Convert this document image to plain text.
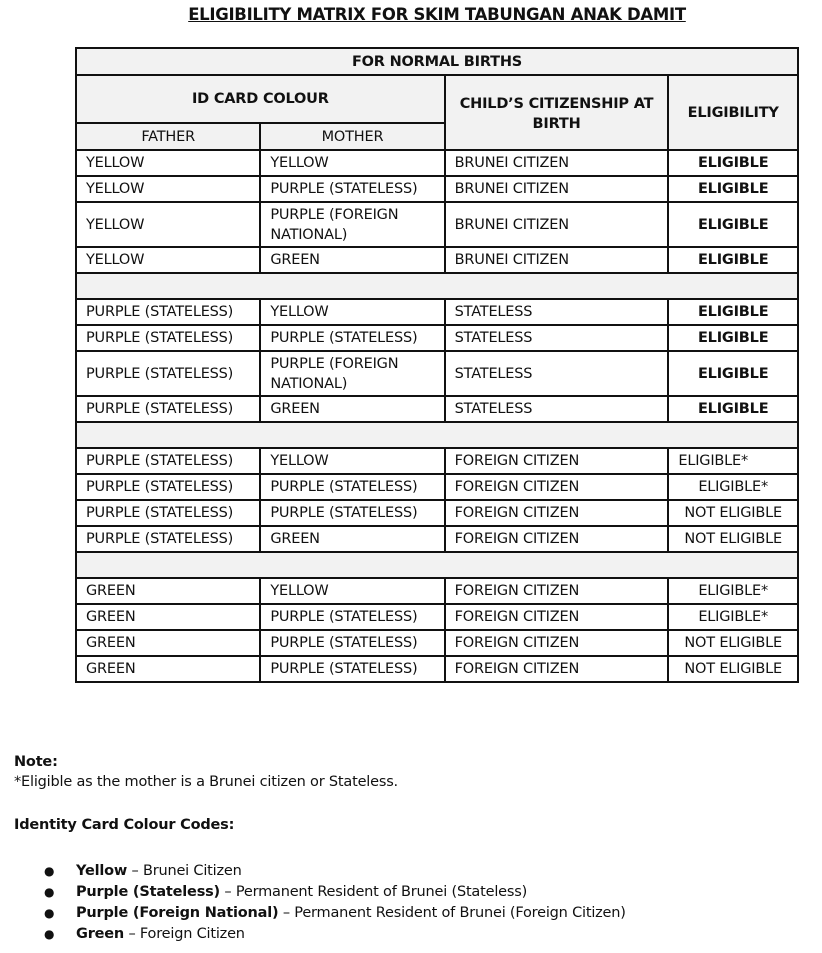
ELIGIBILITY MATRIX FOR SKIM TABUNGAN ANAK DAMIT
FOR NORMAL BIRTHS			
ID CARD COLOUR		CHILD’S CITIZENSHIP AT BIRTH	ELIGIBILITY
FATHER	MOTHER		
YELLOW	YELLOW	BRUNEI CITIZEN	ELIGIBLE
YELLOW	PURPLE (STATELESS)	BRUNEI CITIZEN	ELIGIBLE
YELLOW	PURPLE (FOREIGN NATIONAL)	BRUNEI CITIZEN	ELIGIBLE
YELLOW	GREEN	BRUNEI CITIZEN	ELIGIBLE

PURPLE (STATELESS)	YELLOW	STATELESS	ELIGIBLE
PURPLE (STATELESS)	PURPLE (STATELESS)	STATELESS	ELIGIBLE
PURPLE (STATELESS)	PURPLE (FOREIGN NATIONAL)	STATELESS	ELIGIBLE
PURPLE (STATELESS)	GREEN	STATELESS	ELIGIBLE

PURPLE (STATELESS)	YELLOW	FOREIGN CITIZEN	ELIGIBLE*
PURPLE (STATELESS)	PURPLE (STATELESS)	FOREIGN CITIZEN	ELIGIBLE*
PURPLE (STATELESS)	PURPLE (STATELESS)	FOREIGN CITIZEN	NOT ELIGIBLE
PURPLE (STATELESS)	GREEN	FOREIGN CITIZEN	NOT ELIGIBLE

GREEN	YELLOW	FOREIGN CITIZEN	ELIGIBLE*
GREEN	PURPLE (STATELESS)	FOREIGN CITIZEN	ELIGIBLE*
GREEN	PURPLE (STATELESS)	FOREIGN CITIZEN	NOT ELIGIBLE
GREEN	PURPLE (STATELESS)	FOREIGN CITIZEN	NOT ELIGIBLE
Note:
*Eligible as the mother is a Brunei citizen or Stateless.
Identity Card Colour Codes:
● Yellow – Brunei Citizen
● Purple (Stateless) – Permanent Resident of Brunei (Stateless)
● Purple (Foreign National) – Permanent Resident of Brunei (Foreign Citizen)
● Green – Foreign Citizen
